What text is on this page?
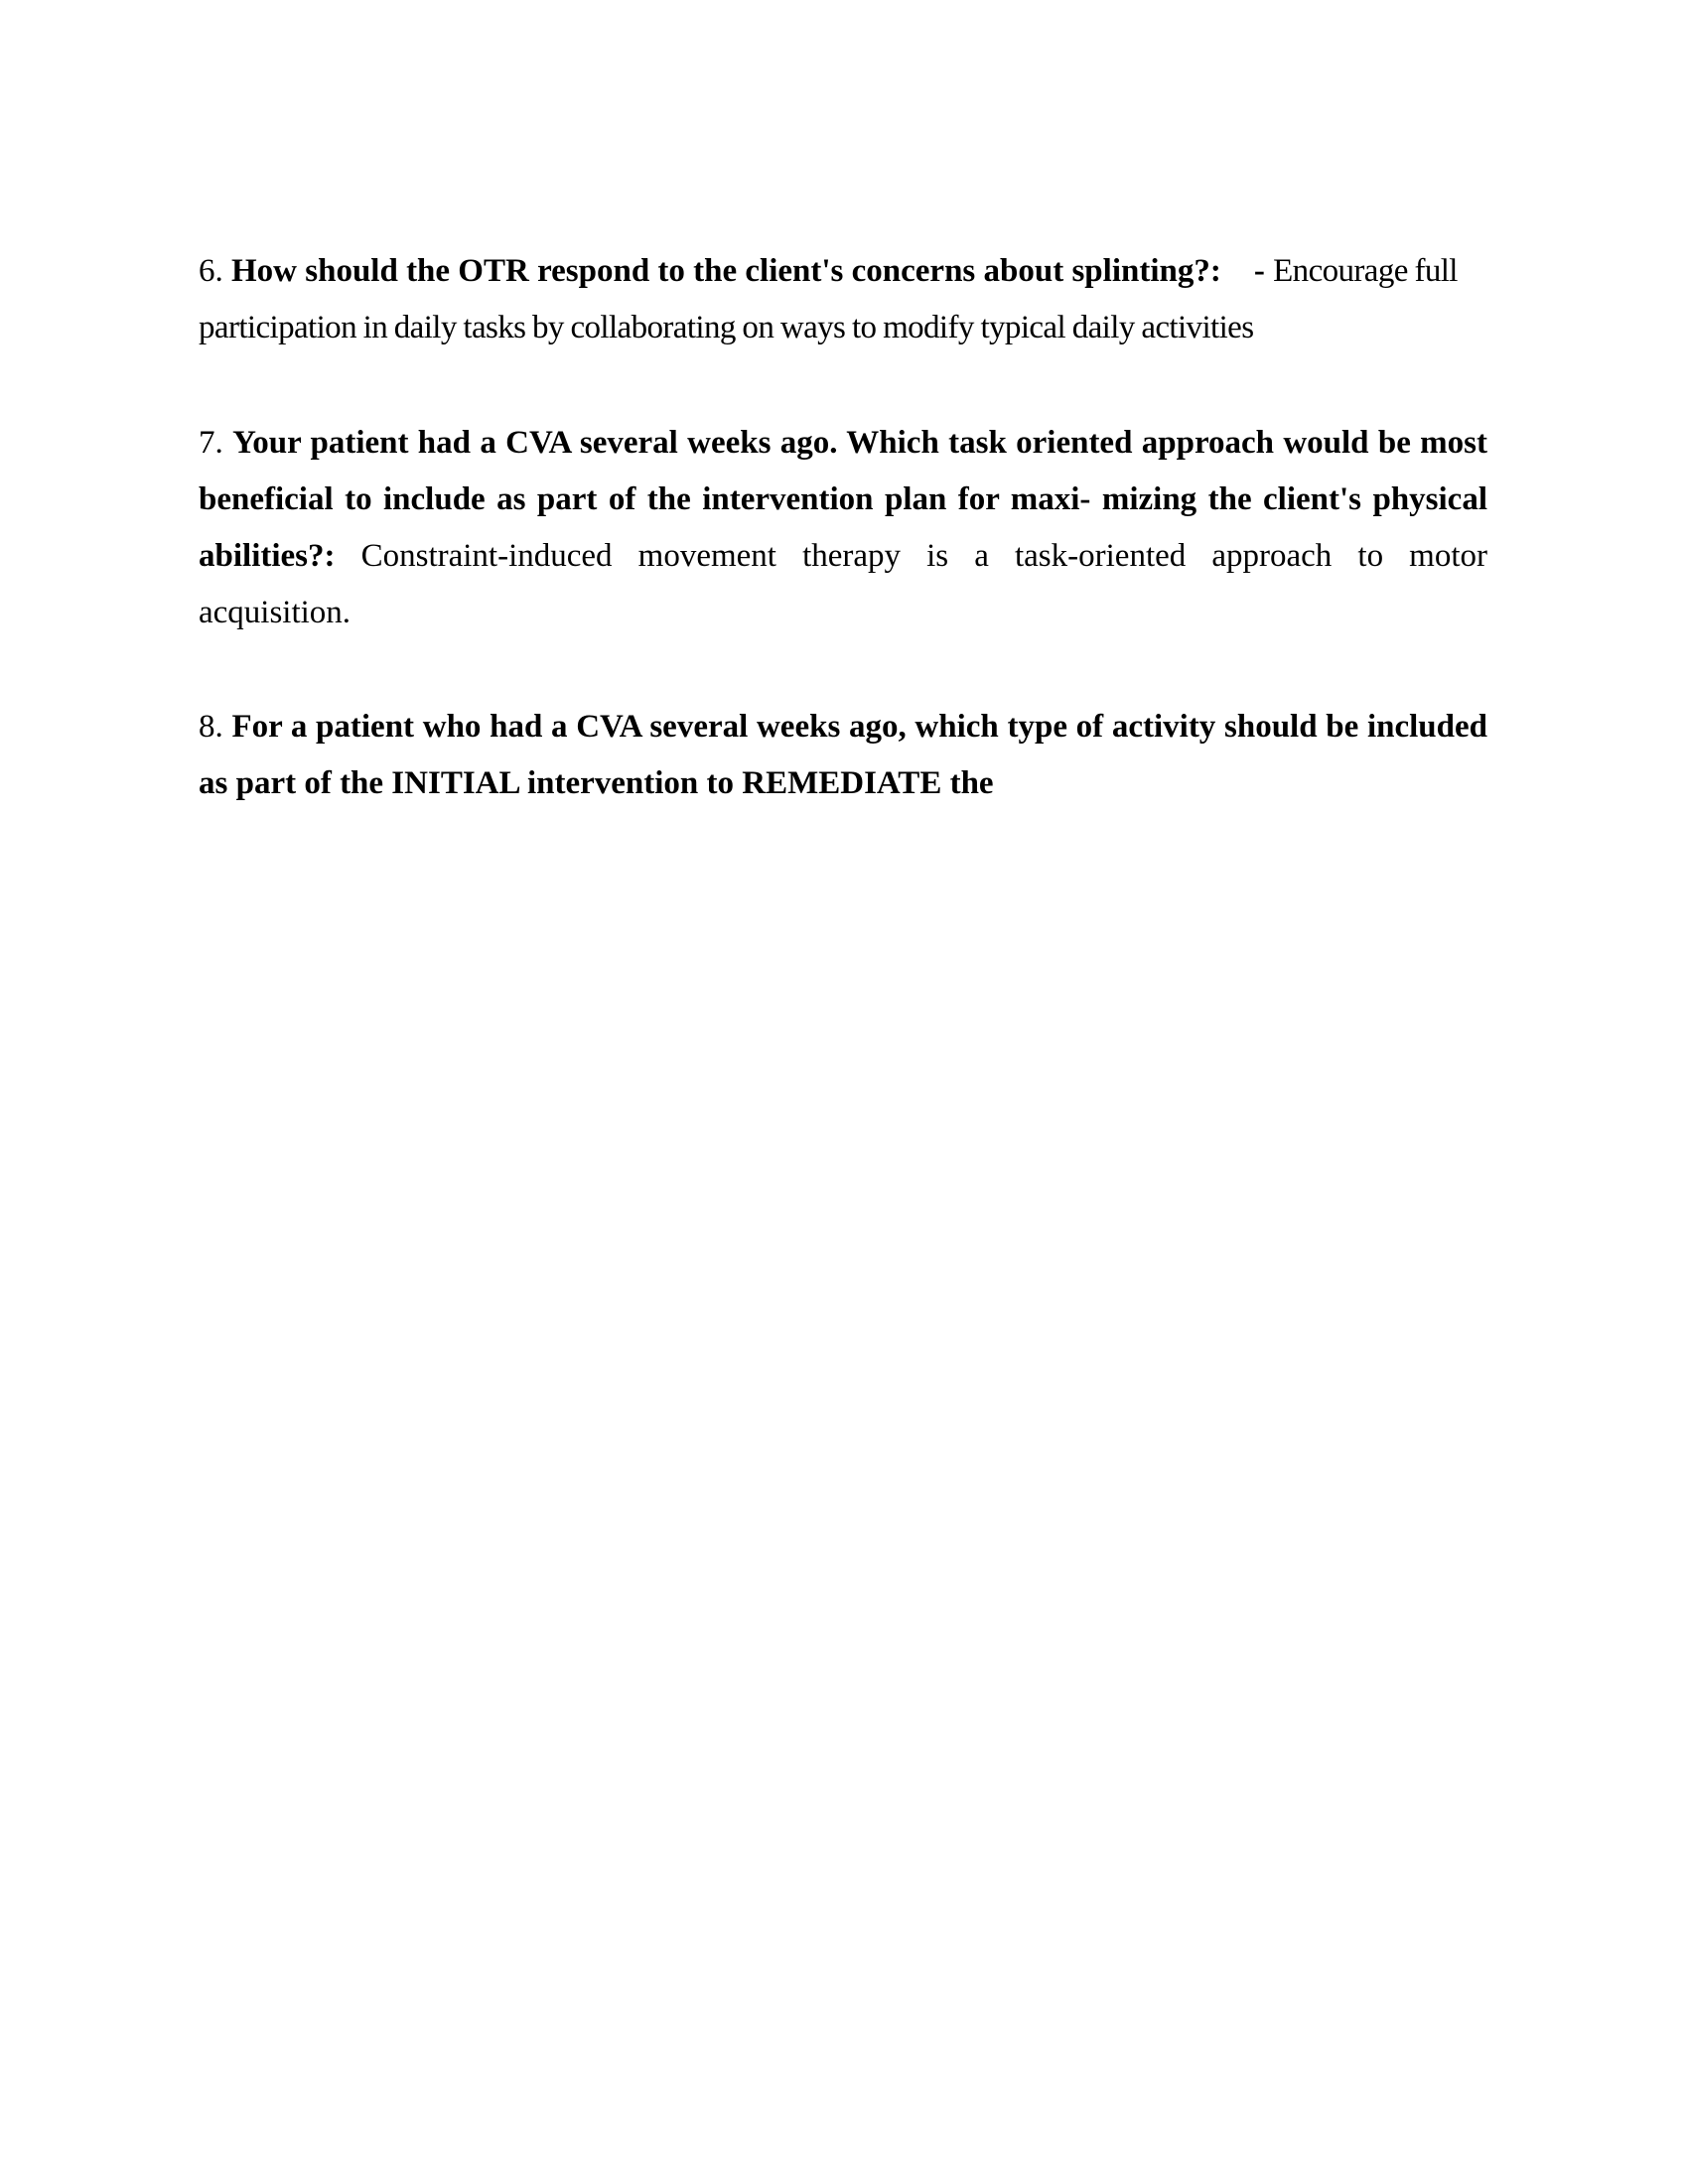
6. How should the OTR respond to the client's concerns about splinting?: - Encourage full participation in daily tasks by collaborating on ways to modify typical daily activities

7. Your patient had a CVA several weeks ago. Which task oriented approach would be most beneficial to include as part of the intervention plan for maxi- mizing the client's physical abilities?: Constraint-induced movement therapy is a task-oriented approach to motor acquisition.

8. For a patient who had a CVA several weeks ago, which type of activity should be included as part of the INITIAL intervention to REMEDIATE the
